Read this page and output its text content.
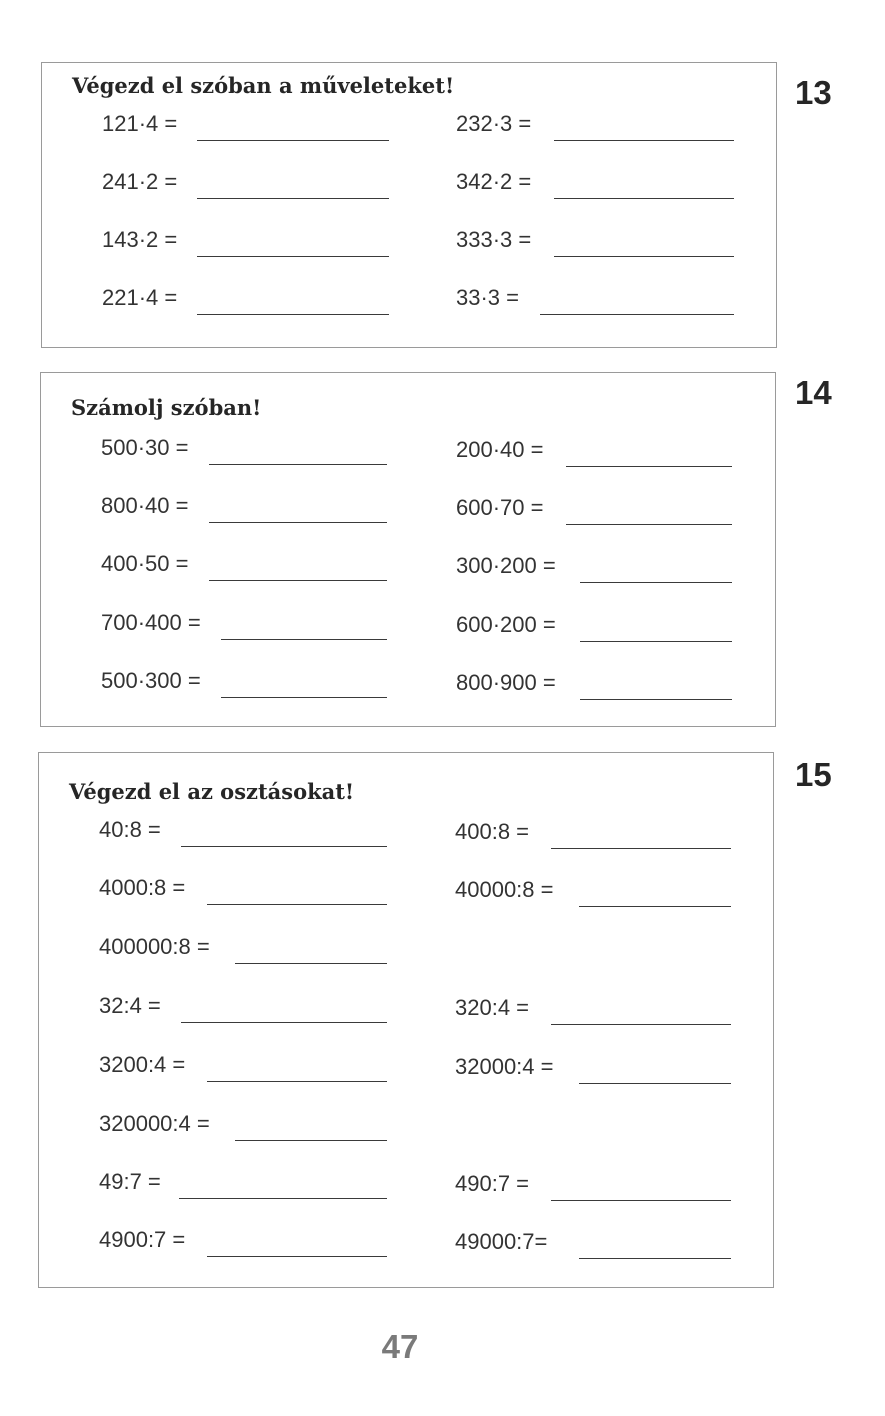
Végezd el szóban a műveleteket!
121·4 =	232·3 =
241·2 =	342·2 =
143·2 =	333·3 =
221·4 =	33·3 =
13
Számolj szóban!
500·30 =	200·40 =
800·40 =	600·70 =
400·50 =	300·200 =
700·400 =	600·200 =
500·300 =	800·900 =
14
Végezd el az osztásokat!
40:8 =	400:8 =
4000:8 =	40000:8 =
400000:8 =
32:4 =	320:4 =
3200:4 =	32000:4 =
320000:4 =
49:7 =	490:7 =
4900:7 =	49000:7=
15
47
